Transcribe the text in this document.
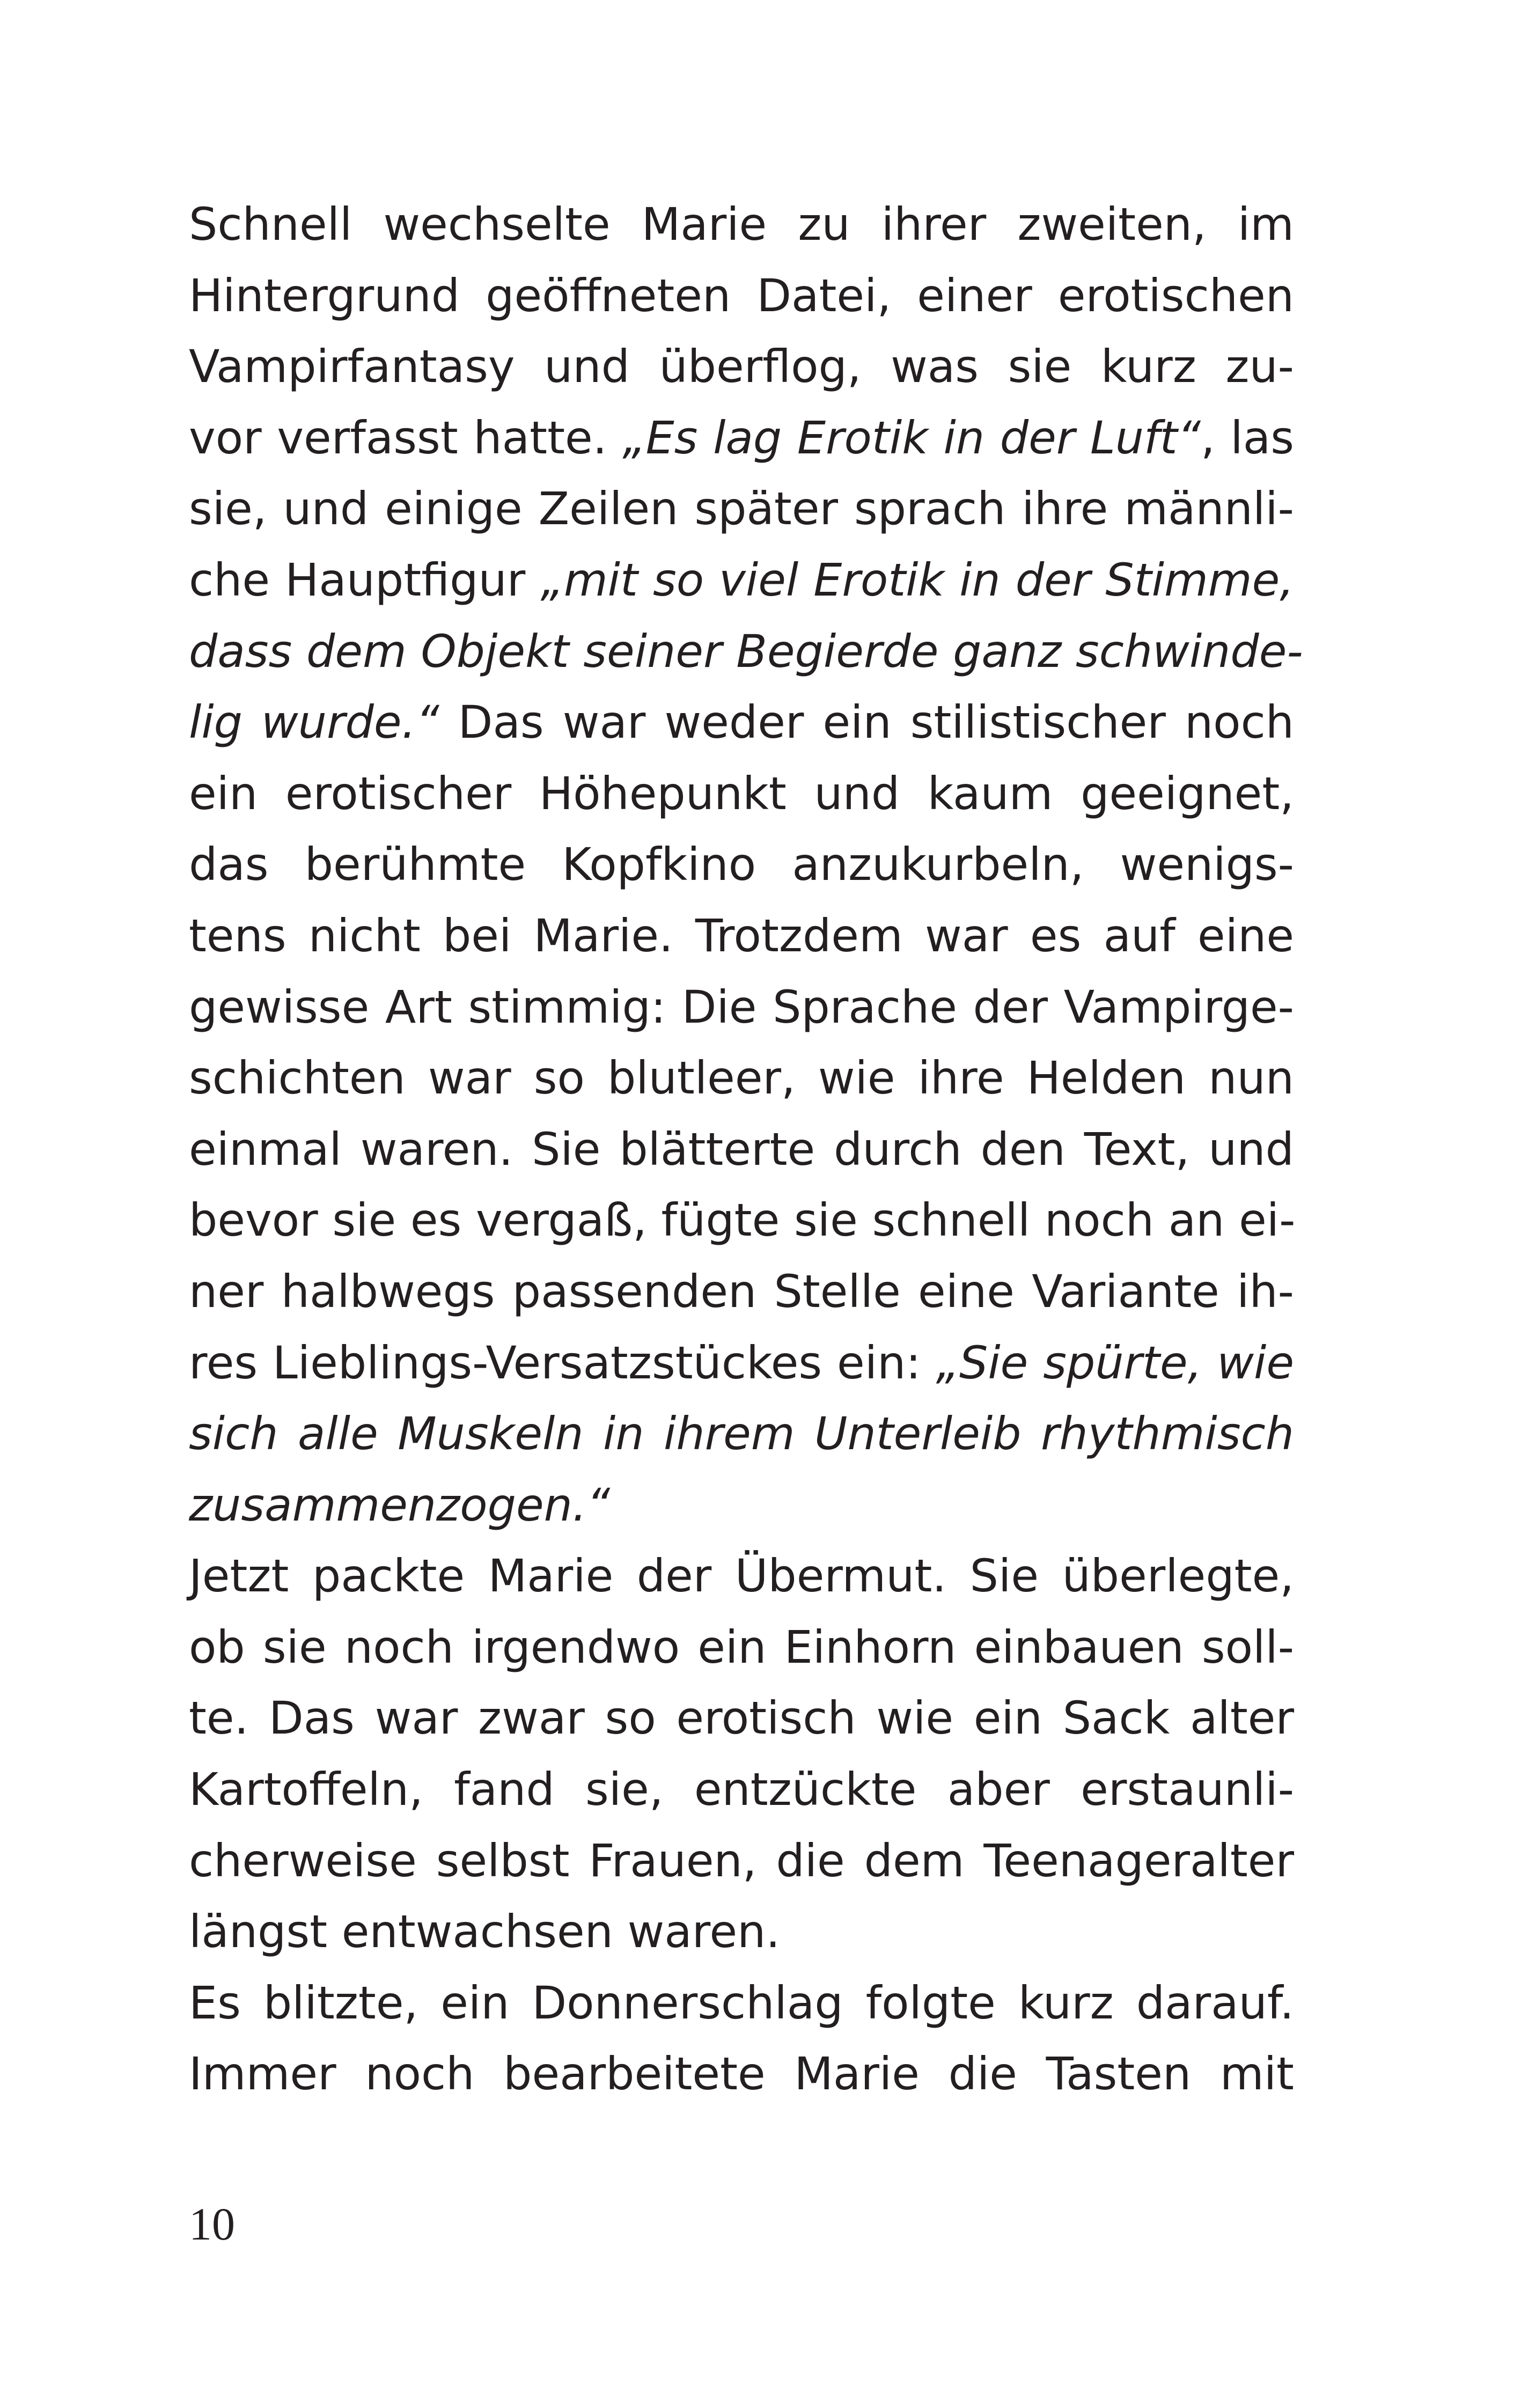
Schnell wechselte Marie zu ihrer zweiten, im
Hintergrund geöffneten Datei, einer erotischen
Vampirfantasy und überflog, was sie kurz zu-
vor verfasst hatte. „Es lag Erotik in der Luft“, las
sie, und einige Zeilen später sprach ihre männli-
che Hauptfigur „mit so viel Erotik in der Stimme,
dass dem Objekt seiner Begierde ganz schwinde-
lig wurde.“ Das war weder ein stilistischer noch
ein erotischer Höhepunkt und kaum geeignet,
das berühmte Kopfkino anzukurbeln, wenigs-
tens nicht bei Marie. Trotzdem war es auf eine
gewisse Art stimmig: Die Sprache der Vampirge-
schichten war so blutleer, wie ihre Helden nun
einmal waren. Sie blätterte durch den Text, und
bevor sie es vergaß, fügte sie schnell noch an ei-
ner halbwegs passenden Stelle eine Variante ih-
res Lieblings-Versatzstückes ein: „Sie spürte, wie
sich alle Muskeln in ihrem Unterleib rhythmisch
zusammenzogen.“
Jetzt packte Marie der Übermut. Sie überlegte,
ob sie noch irgendwo ein Einhorn einbauen soll-
te. Das war zwar so erotisch wie ein Sack alter
Kartoffeln, fand sie, entzückte aber erstaunli-
cherweise selbst Frauen, die dem Teenageralter
längst entwachsen waren.
Es blitzte, ein Donnerschlag folgte kurz darauf.
Immer noch bearbeitete Marie die Tasten mit
10
